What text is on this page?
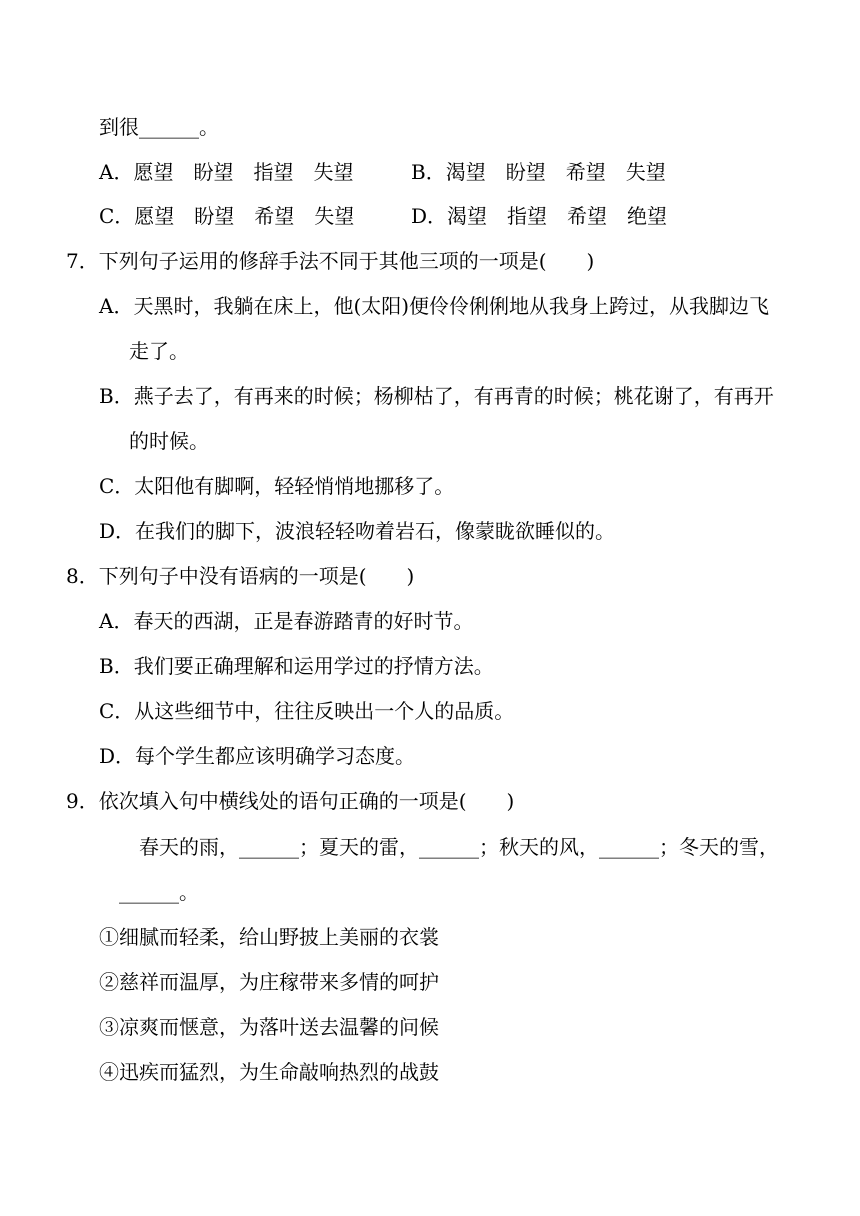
到很______。
A．愿望　盼望　指望　失望	B．渴望　盼望　希望　失望
C．愿望　盼望　希望　失望	D．渴望　指望　希望　绝望
7．下列句子运用的修辞手法不同于其他三项的一项是(　　)
A．天黑时，我躺在床上，他(太阳)便伶伶俐俐地从我身上跨过，从我脚边飞
走了。
B．燕子去了，有再来的时候；杨柳枯了，有再青的时候；桃花谢了，有再开
的时候。
C．太阳他有脚啊，轻轻悄悄地挪移了。
D．在我们的脚下，波浪轻轻吻着岩石，像蒙眬欲睡似的。
8．下列句子中没有语病的一项是(　　)
A．春天的西湖，正是春游踏青的好时节。
B．我们要正确理解和运用学过的抒情方法。
C．从这些细节中，往往反映出一个人的品质。
D．每个学生都应该明确学习态度。
9．依次填入句中横线处的语句正确的一项是(　　)
春天的雨，______；夏天的雷，______；秋天的风，______；冬天的雪，
______。
①细腻而轻柔，给山野披上美丽的衣裳
②慈祥而温厚，为庄稼带来多情的呵护
③凉爽而惬意，为落叶送去温馨的问候
④迅疾而猛烈，为生命敲响热烈的战鼓
